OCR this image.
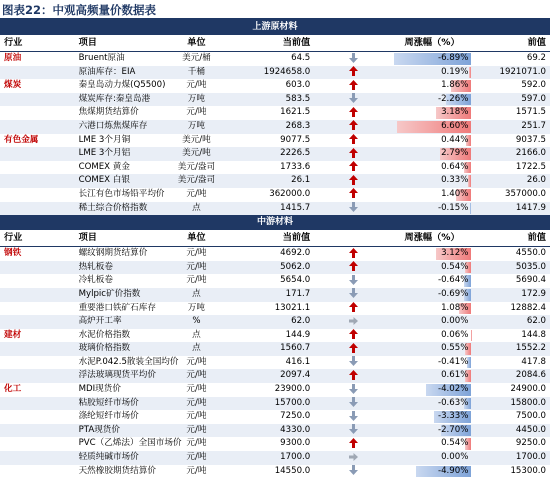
图表22：中观高频量价数据表
上游原材料						
行业	项目	单位	当前值		周涨幅（%）	前值
原油	Bruent原油	美元/桶	64.5		-6.89%	69.2
	原油库存：EIA	千桶	1924658.0		0.19%	1921071.0
煤炭	秦皇岛动力煤(Q5500)	元/吨	603.0		1.86%	592.0
	煤炭库存:秦皇岛港	万吨	583.5		-2.26%	597.0
	焦煤期货结算价	元/吨	1621.5		3.18%	1571.5
	六港口炼焦煤库存	万吨	268.3		6.60%	251.7
有色金属	LME 3个月铜	美元/吨	9077.5		0.44%	9037.5
	LME 3个月铝	美元/吨	2226.5		2.79%	2166.0
	COMEX 黄金	美元/盎司	1733.6		0.64%	1722.5
	COMEX 白银	美元/盎司	26.1		0.33%	26.0
	长江有色市场铅平均价	元/吨	362000.0		1.40%	357000.0
	稀土综合价格指数	点	1415.7		-0.15%	1417.9
中游材料						
行业	项目	单位	当前值		周涨幅（%）	前值
钢铁	螺纹钢期货结算价	元/吨	4692.0		3.12%	4550.0
	热轧板卷	元/吨	5062.0		0.54%	5035.0
	冷轧板卷	元/吨	5654.0		-0.64%	5690.4
	Mylpic矿价指数	点	171.7		-0.69%	172.9
	重要港口铁矿石库存	万吨	13021.1		1.08%	12882.4
	高炉开工率	%	62.0		0.00%	62.0
建材	水泥价格指数	点	144.9		0.06%	144.8
	玻璃价格指数	点	1560.7		0.55%	1552.2
	水泥P.042.5散装全国均价	元/吨	416.1		-0.41%	417.8
	浮法玻璃现货平均价	元/吨	2097.4		0.61%	2084.6
化工	MDI现货价	元/吨	23900.0		-4.02%	24900.0
	粘胶短纤市场价	元/吨	15700.0		-0.63%	15800.0
	涤纶短纤市场价	元/吨	7250.0		-3.33%	7500.0
	PTA现货价	元/吨	4330.0		-2.70%	4450.0
	PVC（乙烯法）全国市场价	元/吨	9300.0		0.54%	9250.0
	轻质纯碱市场价	元/吨	1700.0		0.00%	1700.0
	天然橡胶期货结算价	元/吨	14550.0		-4.90%	15300.0
